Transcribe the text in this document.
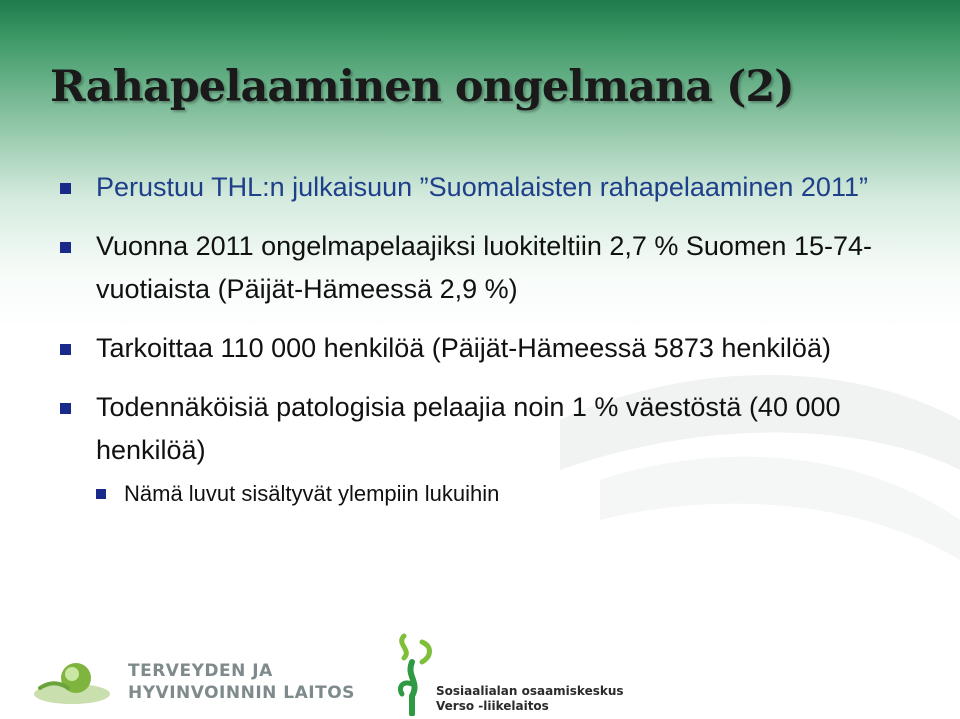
Rahapelaaminen ongelmana (2)
Perustuu THL:n julkaisuun ”Suomalaisten rahapelaaminen 2011”
Vuonna 2011 ongelmapelaajiksi luokiteltiin 2,7 % Suomen 15-74- vuotiaista (Päijät-Hämeessä 2,9 %)
Tarkoittaa 110 000 henkilöä (Päijät-Hämeessä 5873 henkilöä)
Todennäköisiä patologisia pelaajia noin 1 % väestöstä (40 000 henkilöä)
Nämä luvut sisältyvät ylempiin lukuihin

TERVEYDEN JA
HYVINVOINNIN LAITOS	Sosiaalialan osaamiskeskus
Verso -liikelaitos
